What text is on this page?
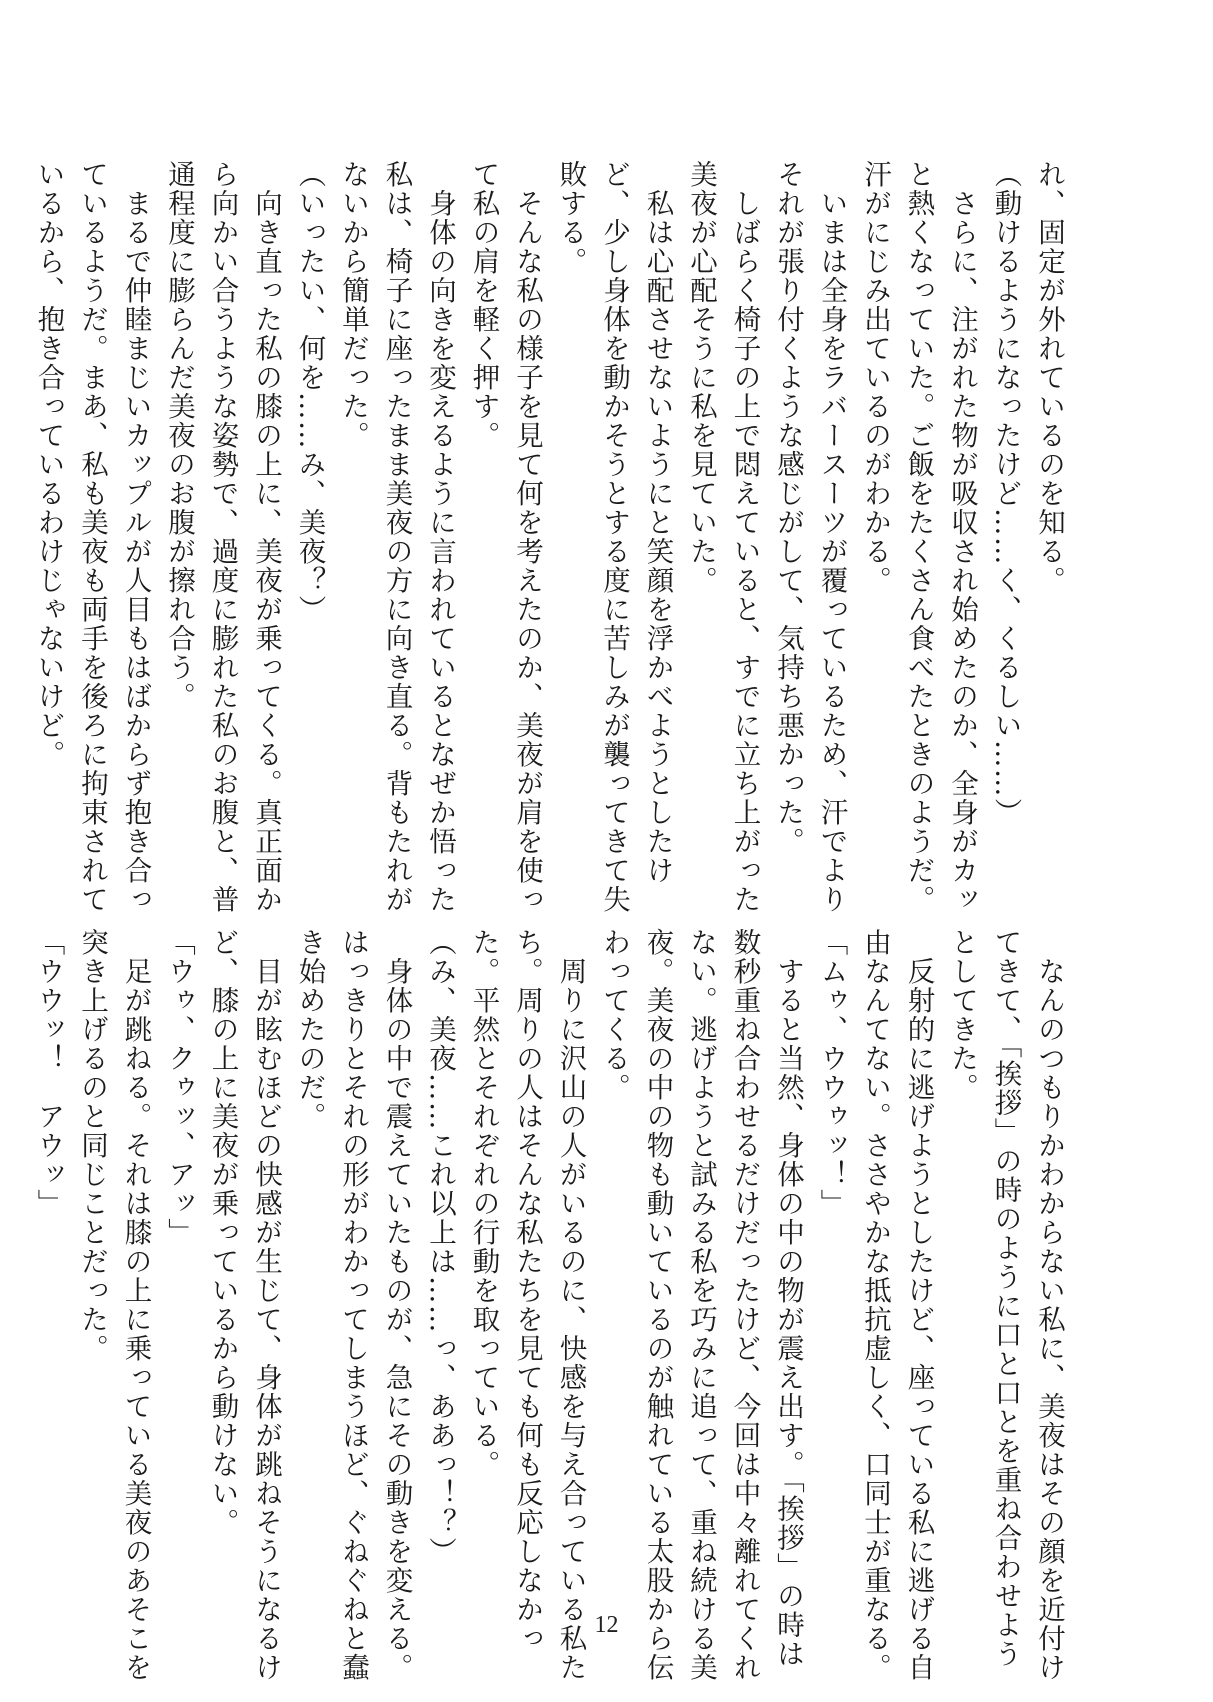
れ、固定が外れているのを知る。
（動けるようになったけど……く、くるしい……）
　さらに、注がれた物が吸収され始めたのか、全身がカッ
と熱くなっていた。ご飯をたくさん食べたときのようだ。
汗がにじみ出ているのがわかる。
　いまは全身をラバースーツが覆っているため、汗でより
それが張り付くような感じがして、気持ち悪かった。
　しばらく椅子の上で悶えていると、すでに立ち上がった
美夜が心配そうに私を見ていた。
　私は心配させないようにと笑顔を浮かべようとしたけ
ど、少し身体を動かそうとする度に苦しみが襲ってきて失
敗する。
　そんな私の様子を見て何を考えたのか、美夜が肩を使っ
て私の肩を軽く押す。
　身体の向きを変えるように言われているとなぜか悟った
私は、椅子に座ったまま美夜の方に向き直る。背もたれが
ないから簡単だった。
（いったい、何を……み、美夜？）
　向き直った私の膝の上に、美夜が乗ってくる。真正面か
ら向かい合うような姿勢で、過度に膨れた私のお腹と、普
通程度に膨らんだ美夜のお腹が擦れ合う。
　まるで仲睦まじいカップルが人目もはばからず抱き合っ
ているようだ。まあ、私も美夜も両手を後ろに拘束されて
いるから、抱き合っているわけじゃないけど。
　なんのつもりかわからない私に、美夜はその顔を近付け
てきて、「挨拶」の時のように口と口とを重ね合わせよう
としてきた。
　反射的に逃げようとしたけど、座っている私に逃げる自
由なんてない。ささやかな抵抗虚しく、口同士が重なる。
「ムゥ、ウウゥッ！」
　すると当然、身体の中の物が震え出す。「挨拶」の時は
数秒重ね合わせるだけだったけど、今回は中々離れてくれ
ない。逃げようと試みる私を巧みに追って、重ね続ける美
夜。美夜の中の物も動いているのが触れている太股から伝
わってくる。
　周りに沢山の人がいるのに、快感を与え合っている私た
ち。周りの人はそんな私たちを見ても何も反応しなかっ
た。平然とそれぞれの行動を取っている。
（み、美夜……これ以上は……っ、ああっ！？）
　身体の中で震えていたものが、急にその動きを変える。
はっきりとそれの形がわかってしまうほど、ぐねぐねと蠢
き始めたのだ。
　目が眩むほどの快感が生じて、身体が跳ねそうになるけ
ど、膝の上に美夜が乗っているから動けない。
「ウゥ、クゥッ、アッ」
　足が跳ねる。それは膝の上に乗っている美夜のあそこを
突き上げるのと同じことだった。
「ウウッ！　アウッ」
12
